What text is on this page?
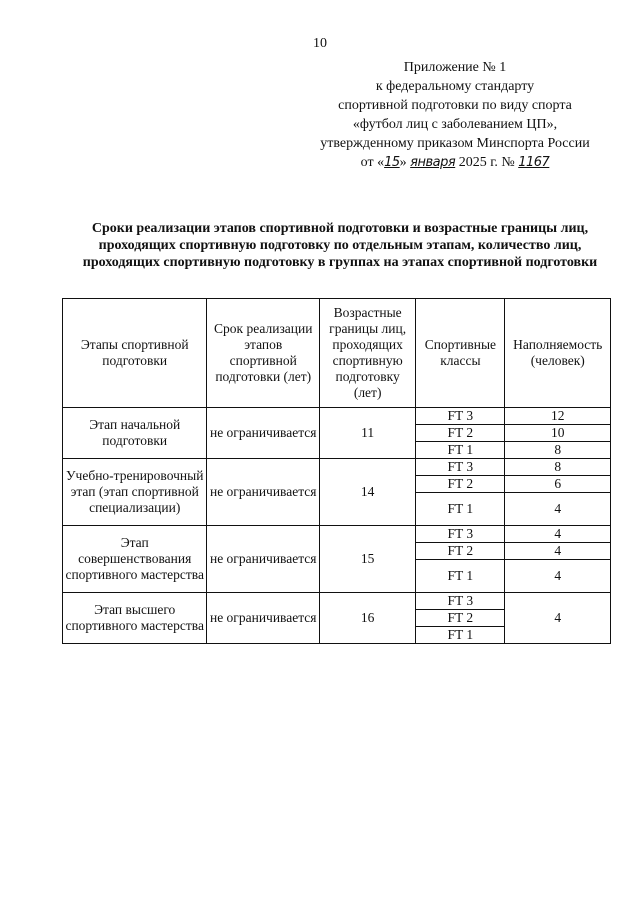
10
Приложение № 1
к федеральному стандарту
спортивной подготовки по виду спорта
«футбол лиц с заболеванием ЦП»,
утвержденному приказом Минспорта России
от «15» января 2025 г. № 1167
Сроки реализации этапов спортивной подготовки и возрастные границы лиц, проходящих спортивную подготовку по отдельным этапам, количество лиц, проходящих спортивную подготовку в группах на этапах спортивной подготовки
Этапы спортивной подготовки	Срок реализации этапов спортивной подготовки (лет)	Возрастные границы лиц, проходящих спортивную подготовку (лет)	Спортивные классы	Наполняемость (человек)
Этап начальной подготовки	не ограничивается	11	FT 3	12
			FT 2	10
			FT 1	8
Учебно-тренировочный этап (этап спортивной специализации)	не ограничивается	14	FT 3	8
			FT 2	6
			FT 1	4
Этап совершенствования спортивного мастерства	не ограничивается	15	FT 3	4
			FT 2	4
			FT 1	4
Этап высшего спортивного мастерства	не ограничивается	16	FT 3	4
			FT 2	
			FT 1	
